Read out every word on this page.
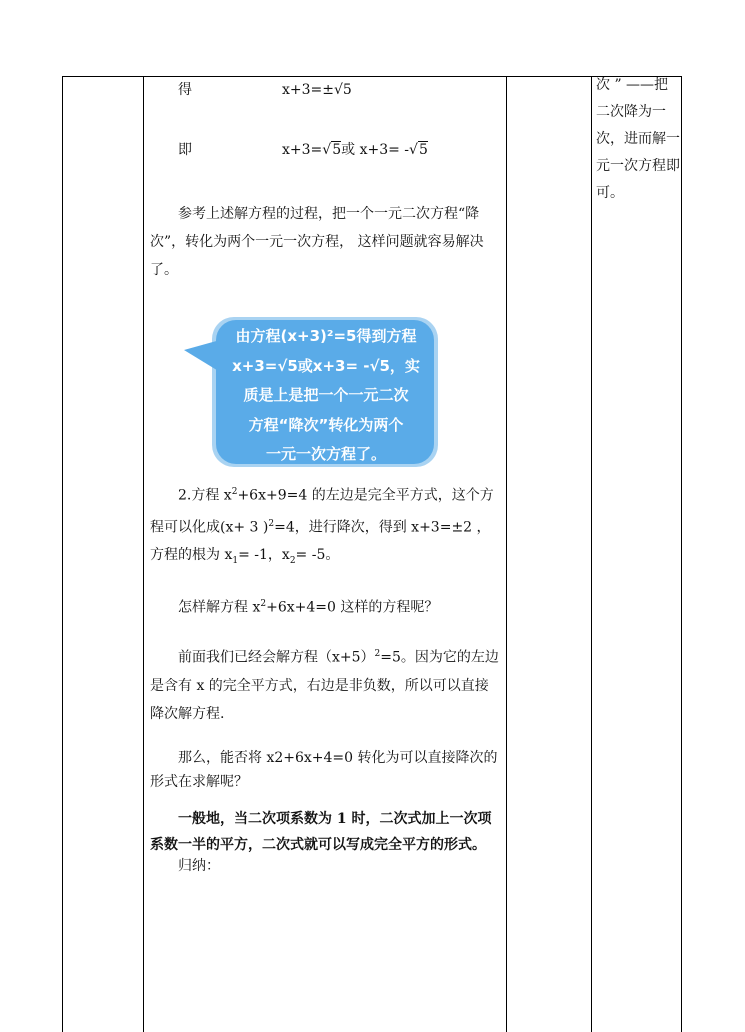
得	x+3=±√5
即	x+3=√5或 x+3= -√5
参考上述解方程的过程，把一个一元二次方程“降次”，转化为两个一元一次方程， 这样问题就容易解决了。
由方程(x+3)²=5得到方程
x+3=√5或x+3= -√5，实
质是上是把一个一元二次
方程“降次”转化为两个
一元一次方程了。
2.方程 $x^2+6x+9=4$ 的左边是完全平方式，这个方程可以化成(x+ 3 )$^2$=4，进行降次，得到 x+3=±2 ，方程的根为 $x_1= -1$，$x_2= -5$。
怎样解方程 $x^2+6x+4=0$ 这样的方程呢？
前面我们已经会解方程$(x+5)^2=5$。因为它的左边是含有 x 的完全平方式，右边是非负数，所以可以直接降次解方程.
那么，能否将 x2+6x+4=0 转化为可以直接降次的形式在求解呢？
一般地，当二次项系数为 1 时，二次式加上一次项系数一半的平方，二次式就可以写成完全平方的形式。
归纳：
次 ” ——把二次降为一次，进而解一元一次方程即可。
